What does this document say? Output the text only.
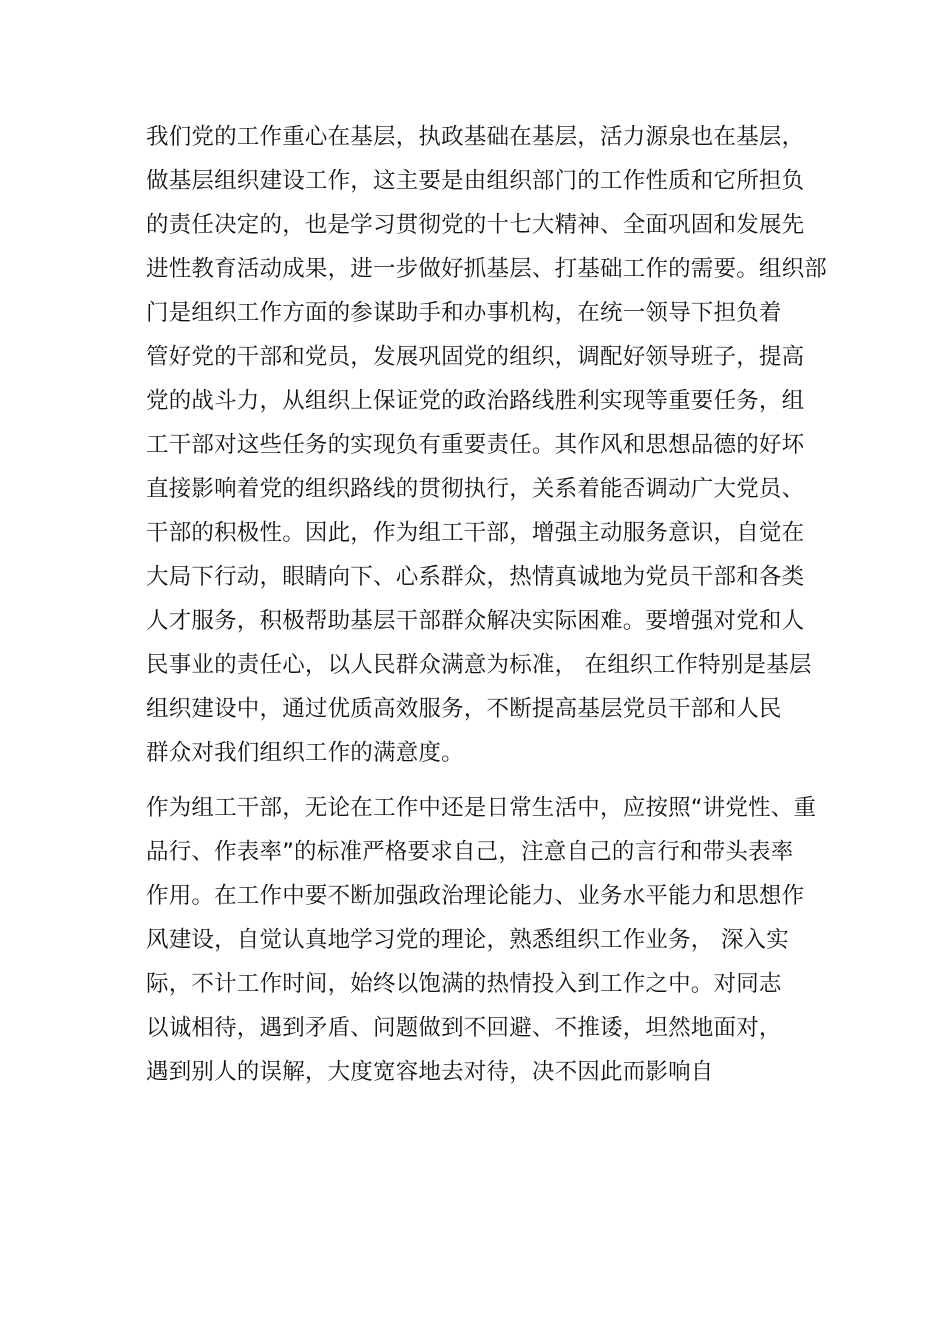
我们党的工作重心在基层，执政基础在基层，活力源泉也在基层，
做基层组织建设工作，这主要是由组织部门的工作性质和它所担负
的责任决定的，也是学习贯彻党的十七大精神、全面巩固和发展先
进性教育活动成果，进一步做好抓基层、打基础工作的需要。组织部
门是组织工作方面的参谋助手和办事机构，在统一领导下担负着
管好党的干部和党员，发展巩固党的组织，调配好领导班子，提高
党的战斗力，从组织上保证党的政治路线胜利实现等重要任务，组
工干部对这些任务的实现负有重要责任。其作风和思想品德的好坏
直接影响着党的组织路线的贯彻执行，关系着能否调动广大党员、
干部的积极性。因此，作为组工干部，增强主动服务意识，自觉在
大局下行动，眼睛向下、心系群众，热情真诚地为党员干部和各类
人才服务，积极帮助基层干部群众解决实际困难。要增强对党和人
民事业的责任心，以人民群众满意为标准， 在组织工作特别是基层
组织建设中，通过优质高效服务，不断提高基层党员干部和人民
群众对我们组织工作的满意度。
作为组工干部，无论在工作中还是日常生活中，应按照“讲党性、重
品行、作表率”的标准严格要求自己，注意自己的言行和带头表率
作用。在工作中要不断加强政治理论能力、业务水平能力和思想作
风建设，自觉认真地学习党的理论，熟悉组织工作业务， 深入实
际，不计工作时间，始终以饱满的热情投入到工作之中。对同志
以诚相待，遇到矛盾、问题做到不回避、不推诿，坦然地面对，
遇到别人的误解，大度宽容地去对待，决不因此而影响自
